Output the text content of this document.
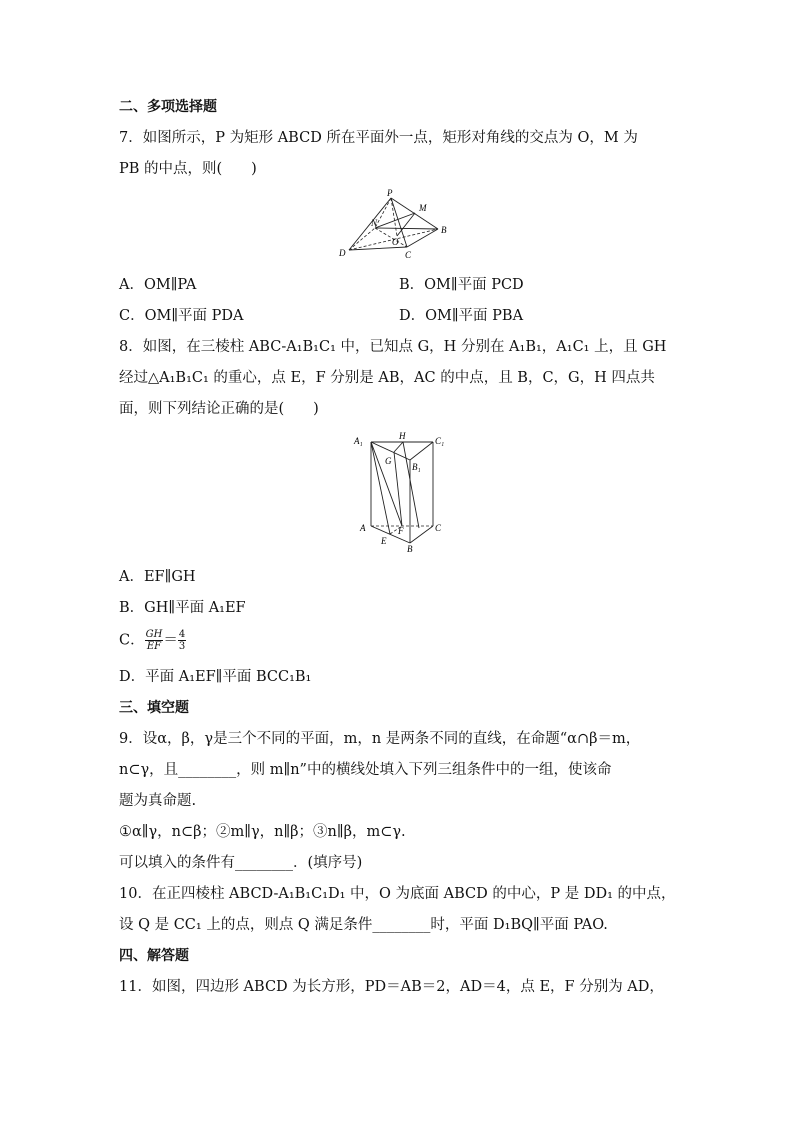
二、多项选择题
7．如图所示，P 为矩形 ABCD 所在平面外一点，矩形对角线的交点为 O，M 为
PB 的中点，则(　　)
P
M
N
O
B
D	C
A．OM∥PA	B．OM∥平面 PCD
C．OM∥平面 PDA	D．OM∥平面 PBA
8．如图，在三棱柱 ABC-A₁B₁C₁ 中，已知点 G，H 分别在 A₁B₁，A₁C₁ 上，且 GH
经过△A₁B₁C₁ 的重心，点 E，F 分别是 AB，AC 的中点，且 B，C，G，H 四点共
面，则下列结论正确的是(　　)
A₁	H	C₁
G
B₁
A	F	C
E
B
A．EF∥GH
B．GH∥平面 A₁EF
C． $\frac{GH}{EF} = \frac{4}{3}$
D．平面 A₁EF∥平面 BCC₁B₁
三、填空题
9．设α，β，γ是三个不同的平面，m，n 是两条不同的直线，在命题“α∩β＝m，
n⊂γ，且________，则 m∥n”中的横线处填入下列三组条件中的一组，使该命
题为真命题.
①α∥γ，n⊂β；②m∥γ，n∥β；③n∥β，m⊂γ.
可以填入的条件有________．(填序号)
10．在正四棱柱 ABCD-A₁B₁C₁D₁ 中，O 为底面 ABCD 的中心，P 是 DD₁ 的中点，
设 Q 是 CC₁ 上的点，则点 Q 满足条件________时，平面 D₁BQ∥平面 PAO.
四、解答题
11．如图，四边形 ABCD 为长方形，PD＝AB＝2，AD＝4，点 E，F 分别为 AD，
